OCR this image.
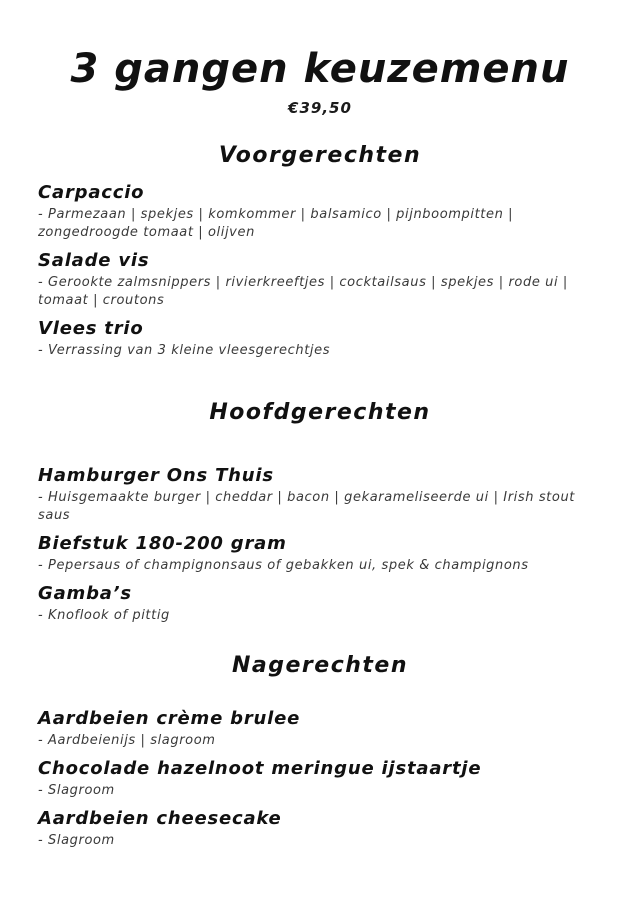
3 gangen keuzemenu
€39,50
Voorgerechten
Carpaccio
- Parmezaan | spekjes | komkommer | balsamico | pijnboompitten | zongedroogde tomaat | olijven
Salade vis
- Gerookte zalmsnippers | rivierkreeftjes | cocktailsaus | spekjes | rode ui | tomaat | croutons
Vlees trio
- Verrassing van 3 kleine vleesgerechtjes
Hoofdgerechten
Hamburger Ons Thuis
- Huisgemaakte burger | cheddar | bacon | gekarameliseerde ui | Irish stout saus
Biefstuk 180-200 gram
- Pepersaus of champignonsaus of gebakken ui, spek & champignons
Gamba’s
- Knoflook of pittig
Nagerechten
Aardbeien crème brulee
- Aardbeienijs | slagroom
Chocolade hazelnoot meringue ijstaartje
- Slagroom
Aardbeien cheesecake
- Slagroom
